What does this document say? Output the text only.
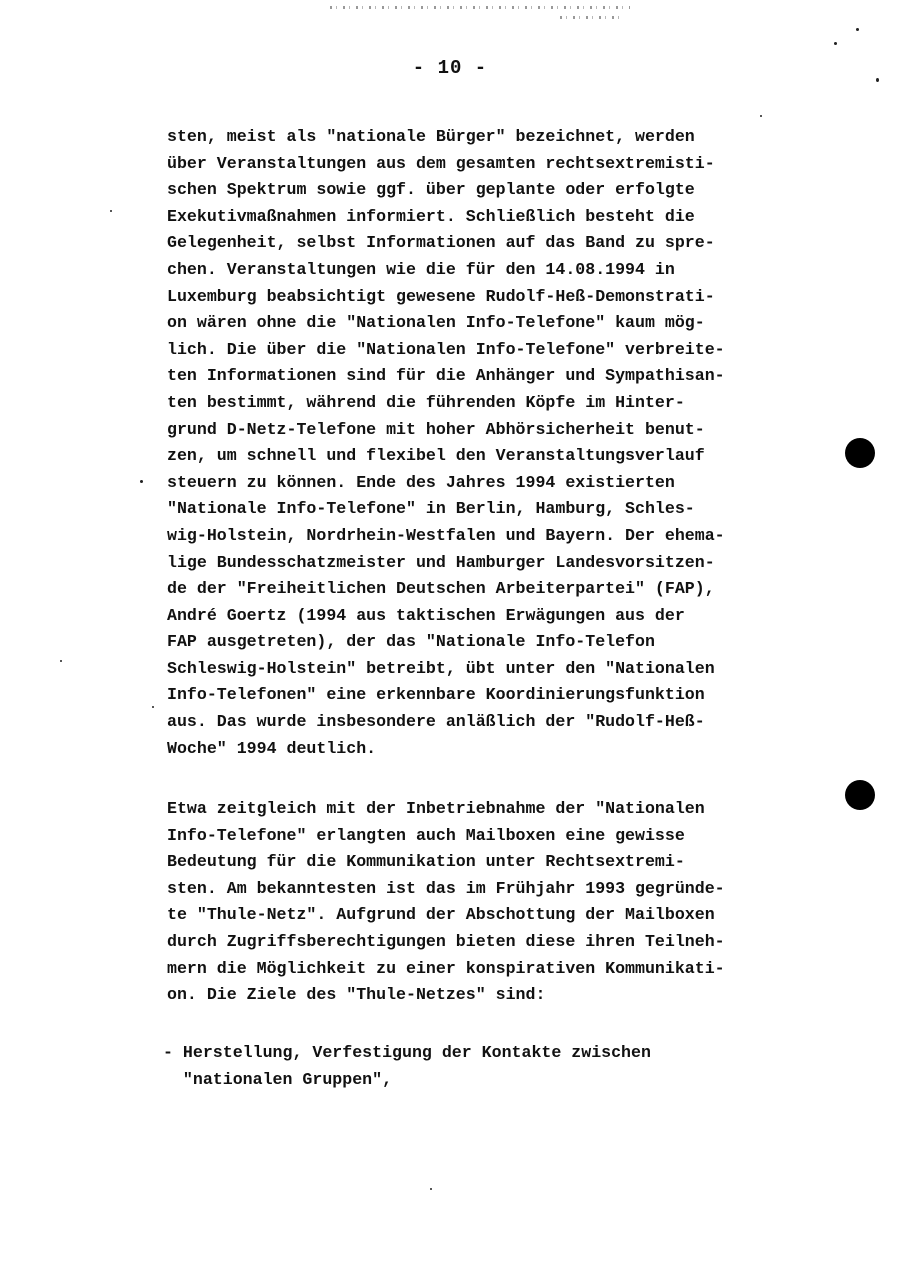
- 10 -
sten, meist als "nationale Bürger" bezeichnet, werden
über Veranstaltungen aus dem gesamten rechtsextremisti-
schen Spektrum sowie ggf. über geplante oder erfolgte
Exekutivmaßnahmen informiert. Schließlich besteht die
Gelegenheit, selbst Informationen auf das Band zu spre-
chen. Veranstaltungen wie die für den 14.08.1994 in
Luxemburg beabsichtigt gewesene Rudolf-Heß-Demonstrati-
on wären ohne die "Nationalen Info-Telefone" kaum mög-
lich. Die über die "Nationalen Info-Telefone" verbreite-
ten Informationen sind für die Anhänger und Sympathisan-
ten bestimmt, während die führenden Köpfe im Hinter-
grund D-Netz-Telefone mit hoher Abhörsicherheit benut-
zen, um schnell und flexibel den Veranstaltungsverlauf
steuern zu können. Ende des Jahres 1994 existierten
"Nationale Info-Telefone" in Berlin, Hamburg, Schles-
wig-Holstein, Nordrhein-Westfalen und Bayern. Der ehema-
lige Bundesschatzmeister und Hamburger Landesvorsitzen-
de der "Freiheitlichen Deutschen Arbeiterpartei" (FAP),
André Goertz (1994 aus taktischen Erwägungen aus der
FAP ausgetreten), der das "Nationale Info-Telefon
Schleswig-Holstein" betreibt, übt unter den "Nationalen
Info-Telefonen" eine erkennbare Koordinierungsfunktion
aus. Das wurde insbesondere anläßlich der "Rudolf-Heß-
Woche" 1994 deutlich.
Etwa zeitgleich mit der Inbetriebnahme der "Nationalen
Info-Telefone" erlangten auch Mailboxen eine gewisse
Bedeutung für die Kommunikation unter Rechtsextremi-
sten. Am bekanntesten ist das im Frühjahr 1993 gegründe-
te "Thule-Netz". Aufgrund der Abschottung der Mailboxen
durch Zugriffsberechtigungen bieten diese ihren Teilneh-
mern die Möglichkeit zu einer konspirativen Kommunikati-
on. Die Ziele des "Thule-Netzes" sind:
- Herstellung, Verfestigung der Kontakte zwischen
"nationalen Gruppen",
